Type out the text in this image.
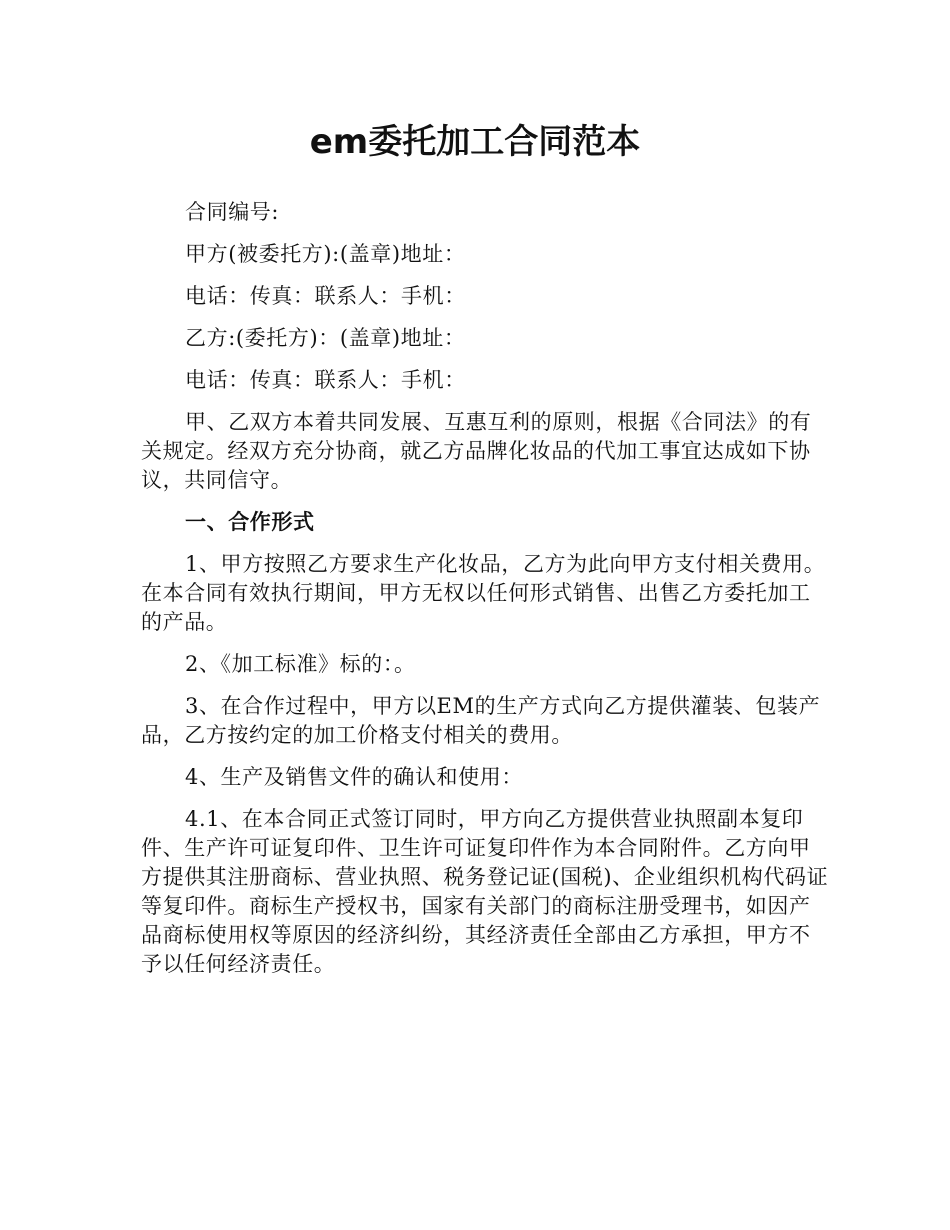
em委托加工合同范本

合同编号:

甲方(被委托方):(盖章)地址：

电话：传真：联系人：手机：

乙方:(委托方)：(盖章)地址：

电话：传真：联系人：手机：

甲、乙双方本着共同发展、互惠互利的原则，根据《合同法》的有关规定。经双方充分协商，就乙方品牌化妆品的代加工事宜达成如下协议，共同信守。

一、合作形式

1、甲方按照乙方要求生产化妆品，乙方为此向甲方支付相关费用。在本合同有效执行期间，甲方无权以任何形式销售、出售乙方委托加工的产品。

2、《加工标准》标的：。

3、在合作过程中，甲方以EM的生产方式向乙方提供灌装、包装产品，乙方按约定的加工价格支付相关的费用。

4、生产及销售文件的确认和使用：

4.1、在本合同正式签订同时，甲方向乙方提供营业执照副本复印件、生产许可证复印件、卫生许可证复印件作为本合同附件。乙方向甲方提供其注册商标、营业执照、税务登记证(国税)、企业组织机构代码证等复印件。商标生产授权书，国家有关部门的商标注册受理书，如因产品商标使用权等原因的经济纠纷，其经济责任全部由乙方承担，甲方不予以任何经济责任。
